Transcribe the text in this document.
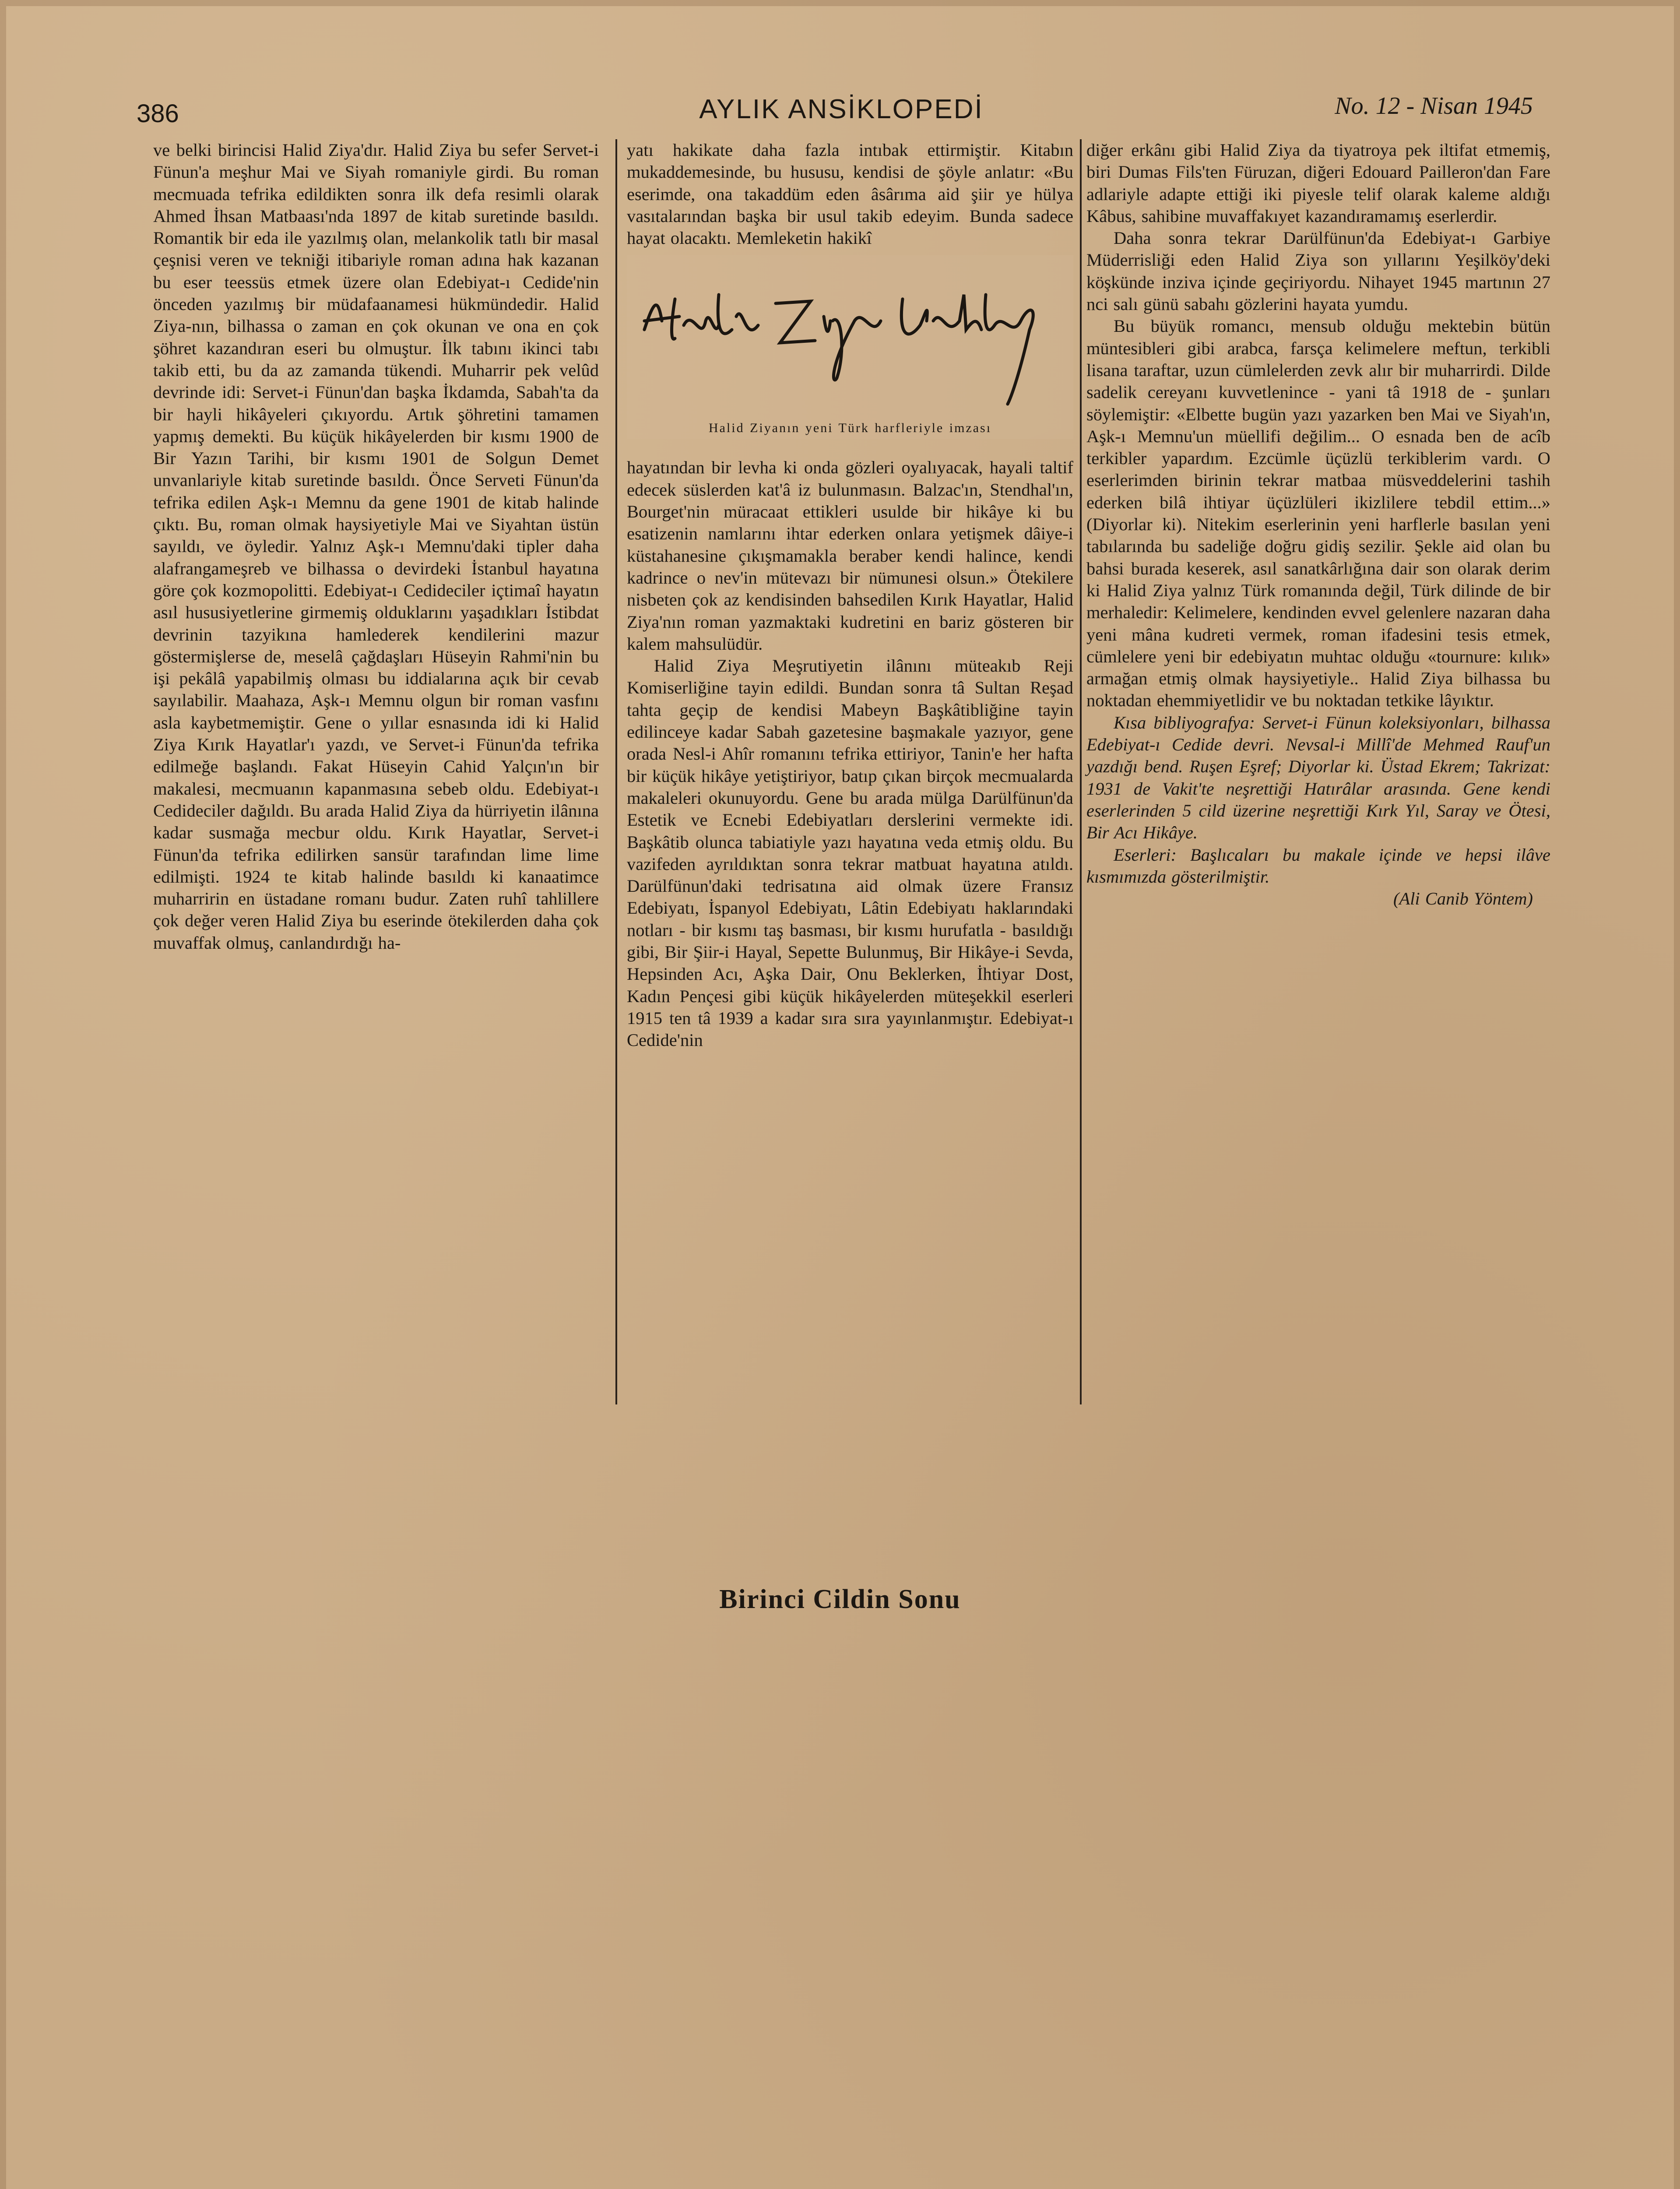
386	AYLIK ANSİKLOPEDİ	No. 12 - Nisan 1945

ve belki birincisi Halid Ziya'dır. Halid Ziya bu sefer Servet-i Fünun'a meşhur Mai ve Siyah romaniyle girdi. Bu roman mecmuada tefrika edildikten sonra ilk defa resimli olarak Ahmed İhsan Matbaası'nda 1897 de kitab suretinde basıldı. Romantik bir eda ile yazılmış olan, melankolik tatlı bir masal çeşnisi veren ve tekniği itibariyle roman adına hak kazanan bu eser teessüs etmek üzere olan Edebiyat-ı Cedide'nin önceden yazılmış bir müdafaanamesi hükmündedir. Halid Ziya-nın, bilhassa o zaman en çok okunan ve ona en çok şöhret kazandıran eseri bu olmuştur. İlk tabını ikinci tabı takib etti, bu da az zamanda tükendi. Muharrir pek velûd devrinde idi: Servet-i Fünun'dan başka İkdamda, Sabah'ta da bir hayli hikâyeleri çıkıyordu. Artık şöhretini tamamen yapmış demekti. Bu küçük hikâyelerden bir kısmı 1900 de Bir Yazın Tarihi, bir kısmı 1901 de Solgun Demet unvanlariyle kitab suretinde basıldı. Önce Serveti Fünun'da tefrika edilen Aşk-ı Memnu da gene 1901 de kitab halinde çıktı. Bu, roman olmak haysiyetiyle Mai ve Siyahtan üstün sayıldı, ve öyledir. Yalnız Aşk-ı Memnu'daki tipler daha alafrangameşreb ve bilhassa o devirdeki İstanbul hayatına göre çok kozmopolitti. Edebiyat-ı Cedideciler içtimaî hayatın asıl hususiyetlerine girmemiş olduklarını yaşadıkları İstibdat devrinin tazyikına hamlederek kendilerini mazur göstermişlerse de, meselâ çağdaşları Hüseyin Rahmi'nin bu işi pekâlâ yapabilmiş olması bu iddialarına açık bir cevab sayılabilir. Maahaza, Aşk-ı Memnu olgun bir roman vasfını asla kaybetmemiştir. Gene o yıllar esnasında idi ki Halid Ziya Kırık Hayatlar'ı yazdı, ve Servet-i Fünun'da tefrika edilmeğe başlandı. Fakat Hüseyin Cahid Yalçın'ın bir makalesi, mecmuanın kapanmasına sebeb oldu. Edebiyat-ı Cedideciler dağıldı. Bu arada Halid Ziya da hürriyetin ilânına kadar susmağa mecbur oldu. Kırık Hayatlar, Servet-i Fünun'da tefrika edilirken sansür tarafından lime lime edilmişti. 1924 te kitab halinde basıldı ki kanaatimce muharririn en üstadane romanı budur. Zaten ruhî tahlillere çok değer veren Halid Ziya bu eserinde ötekilerden daha çok muvaffak olmuş, canlandırdığı ha-

yatı hakikate daha fazla intıbak ettirmiştir. Kitabın mukaddemesinde, bu hususu, kendisi de şöyle anlatır: «Bu eserimde, ona takaddüm eden âsârıma aid şiir ye hülya vasıtalarından başka bir usul takib edeyim. Bunda sadece hayat olacaktı. Memleketin hakikî

Halid Ziyanın yeni Türk harfleriyle imzası

hayatından bir levha ki onda gözleri oyalıyacak, hayali taltif edecek süslerden kat'â iz bulunmasın. Balzac'ın, Stendhal'ın, Bourget'nin müracaat ettikleri usulde bir hikâye ki bu esatizenin namlarını ihtar ederken onlara yetişmek dâiye-i küstahanesine çıkışmamakla beraber kendi halince, kendi kadrince o nev'in mütevazı bir nümunesi olsun.» Ötekilere nisbeten çok az kendisinden bahsedilen Kırık Hayatlar, Halid Ziya'nın roman yazmaktaki kudretini en bariz gösteren bir kalem mahsulüdür.

Halid Ziya Meşrutiyetin ilânını müteakıb Reji Komiserliğine tayin edildi. Bundan sonra tâ Sultan Reşad tahta geçip de kendisi Mabeyn Başkâtibliğine tayin edilinceye kadar Sabah gazetesine başmakale yazıyor, gene orada Nesl-i Ahîr romanını tefrika ettiriyor, Tanin'e her hafta bir küçük hikâye yetiştiriyor, batıp çıkan birçok mecmualarda makaleleri okunuyordu. Gene bu arada mülga Darülfünun'da Estetik ve Ecnebi Edebiyatları derslerini vermekte idi. Başkâtib olunca tabiatiyle yazı hayatına veda etmiş oldu. Bu vazifeden ayrıldıktan sonra tekrar matbuat hayatına atıldı. Darülfünun'daki tedrisatına aid olmak üzere Fransız Edebiyatı, İspanyol Edebiyatı, Lâtin Edebiyatı haklarındaki notları - bir kısmı taş basması, bir kısmı hurufatla - basıldığı gibi, Bir Şiir-i Hayal, Sepette Bulunmuş, Bir Hikâye-i Sevda, Hepsinden Acı, Aşka Dair, Onu Beklerken, İhtiyar Dost, Kadın Pençesi gibi küçük hikâyelerden müteşekkil eserleri 1915 ten tâ 1939 a kadar sıra sıra yayınlanmıştır. Edebiyat-ı Cedide'nin

diğer erkânı gibi Halid Ziya da tiyatroya pek iltifat etmemiş, biri Dumas Fils'ten Füruzan, diğeri Edouard Pailleron'dan Fare adlariyle adapte ettiği iki piyesle telif olarak kaleme aldığı Kâbus, sahibine muvaffakıyet kazandıramamış eserlerdir.

Daha sonra tekrar Darülfünun'da Edebiyat-ı Garbiye Müderrisliği eden Halid Ziya son yıllarını Yeşilköy'deki köşkünde inziva içinde geçiriyordu. Nihayet 1945 martının 27 nci salı günü sabahı gözlerini hayata yumdu.

Bu büyük romancı, mensub olduğu mektebin bütün müntesibleri gibi arabca, farsça kelimelere meftun, terkibli lisana taraftar, uzun cümlelerden zevk alır bir muharrirdi. Dilde sadelik cereyanı kuvvetlenince - yani tâ 1918 de - şunları söylemiştir: «Elbette bugün yazı yazarken ben Mai ve Siyah'ın, Aşk-ı Memnu'un müellifi değilim... O esnada ben de acîb terkibler yapardım. Ezcümle üçüzlü terkiblerim vardı. O eserlerimden birinin tekrar matbaa müsveddelerini tashih ederken bilâ ihtiyar üçüzlüleri ikizlilere tebdil ettim...» (Diyorlar ki). Nitekim eserlerinin yeni harflerle basılan yeni tabılarında bu sadeliğe doğru gidiş sezilir. Şekle aid olan bu bahsi burada keserek, asıl sanatkârlığına dair son olarak derim ki Halid Ziya yalnız Türk romanında değil, Türk dilinde de bir merhaledir: Kelimelere, kendinden evvel gelenlere nazaran daha yeni mâna kudreti vermek, roman ifadesini tesis etmek, cümlelere yeni bir edebiyatın muhtac olduğu «tournure: kılık» armağan etmiş olmak haysiyetiyle.. Halid Ziya bilhassa bu noktadan ehemmiyetlidir ve bu noktadan tetkike lâyıktır.

Kısa bibliyografya: Servet-i Fünun koleksiyonları, bilhassa Edebiyat-ı Cedide devri. Nevsal-i Millî'de Mehmed Rauf'un yazdığı bend. Ruşen Eşref; Diyorlar ki. Üstad Ekrem; Takrizat: 1931 de Vakit'te neşrettiği Hatırâlar arasında. Gene kendi eserlerinden 5 cild üzerine neşrettiği Kırk Yıl, Saray ve Ötesi, Bir Acı Hikâye.

Eserleri: Başlıcaları bu makale içinde ve hepsi ilâve kısmımızda gösterilmiştir.

(Ali Canib Yöntem)
Birinci Cildin Sonu
